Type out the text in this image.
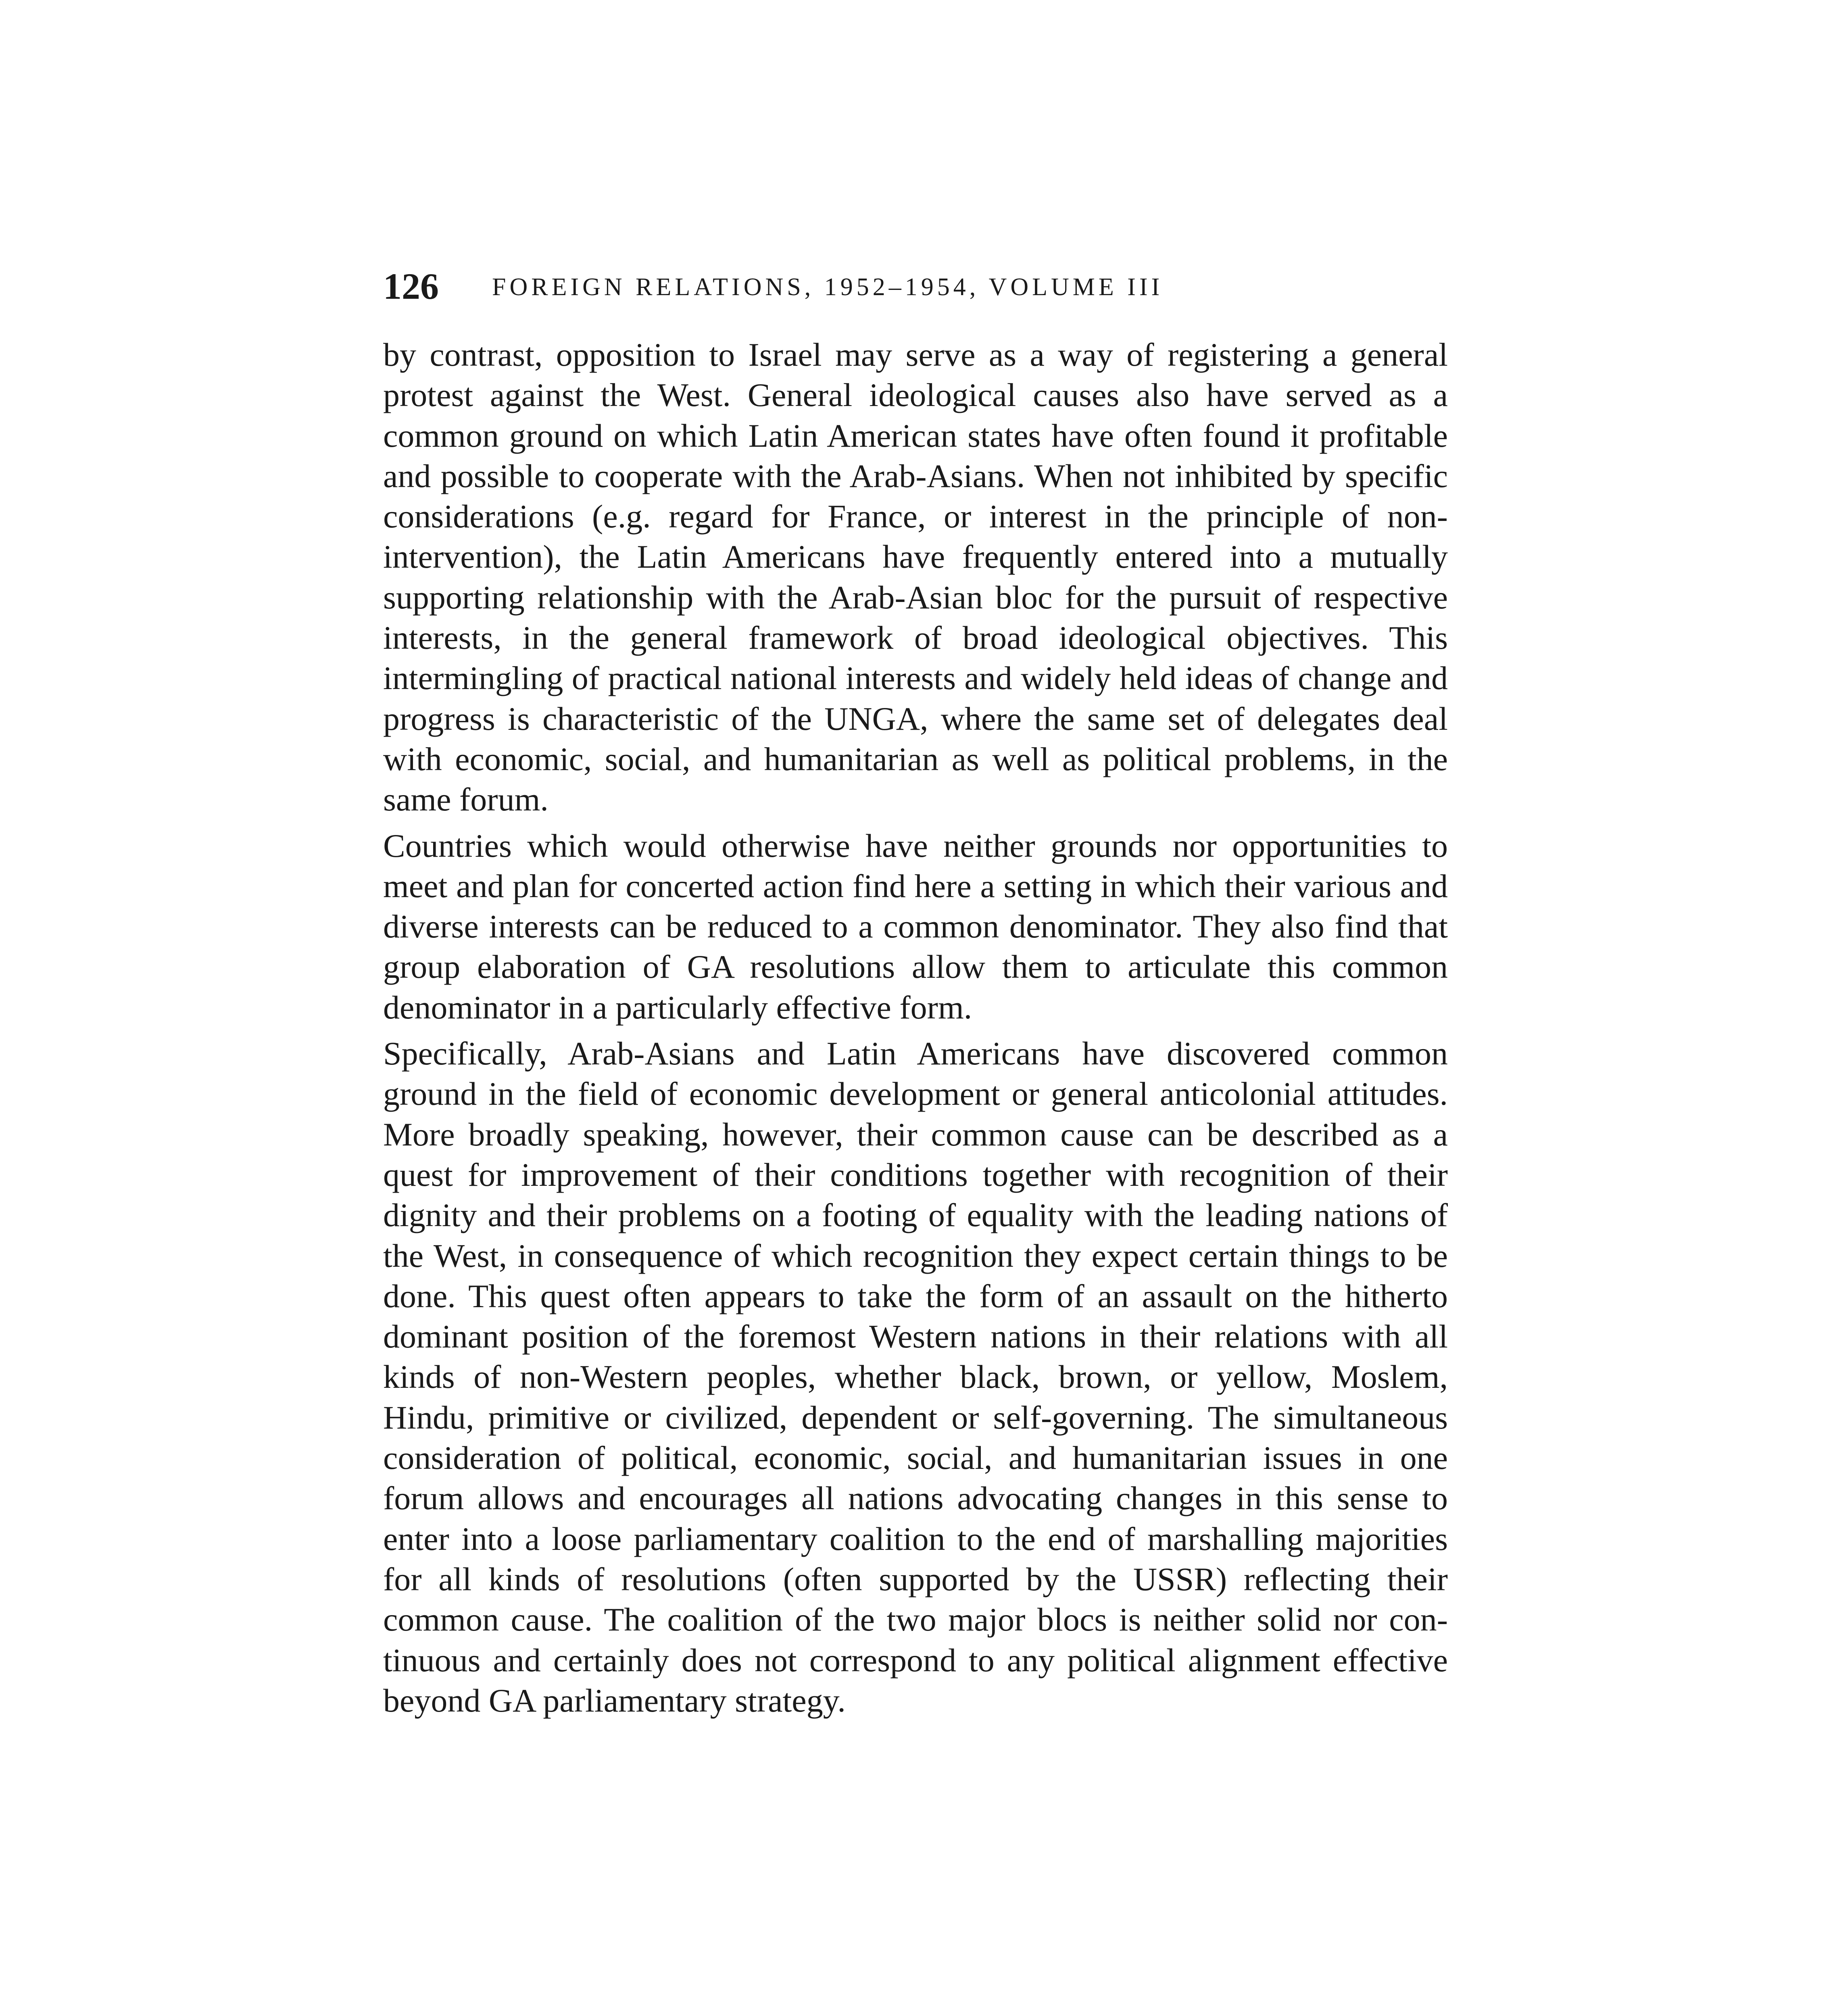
126 FOREIGN RELATIONS, 1952–1954, VOLUME III

by contrast, opposition to Israel may serve as a way of registering a general protest against the West. General ideological causes also have served as a common ground on which Latin American states have often found it profitable and possible to cooperate with the Arab-Asians. When not inhibited by specific considerations (e.g. regard for France, or interest in the principle of non-intervention), the Latin Americans have frequently entered into a mutually supporting relationship with the Arab-Asian bloc for the pursuit of respective interests, in the general framework of broad ideological objectives. This intermingling of practical national interests and widely held ideas of change and progress is characteristic of the UNGA, where the same set of delegates deal with economic, social, and humanitarian as well as political problems, in the same forum.

Countries which would otherwise have neither grounds nor opportunities to meet and plan for concerted action find here a setting in which their various and diverse interests can be reduced to a common denominator. They also find that group elaboration of GA resolutions allow them to articulate this common denominator in a particularly effective form.

Specifically, Arab-Asians and Latin Americans have discovered common ground in the field of economic development or general anticolonial attitudes. More broadly speaking, however, their common cause can be described as a quest for improvement of their conditions together with recognition of their dignity and their problems on a footing of equality with the leading nations of the West, in consequence of which recognition they expect certain things to be done. This quest often appears to take the form of an assault on the hitherto dominant position of the foremost Western nations in their relations with all kinds of non-Western peoples, whether black, brown, or yellow, Moslem, Hindu, primitive or civilized, dependent or self-governing. The simultaneous consideration of political, economic, social, and humanitarian issues in one forum allows and encourages all nations advocating changes in this sense to enter into a loose parliamentary coalition to the end of marshalling majorities for all kinds of resolutions (often supported by the USSR) reflecting their common cause. The coalition of the two major blocs is neither solid nor continuous and certainly does not correspond to any political alignment effective beyond GA parliamentary strategy.
